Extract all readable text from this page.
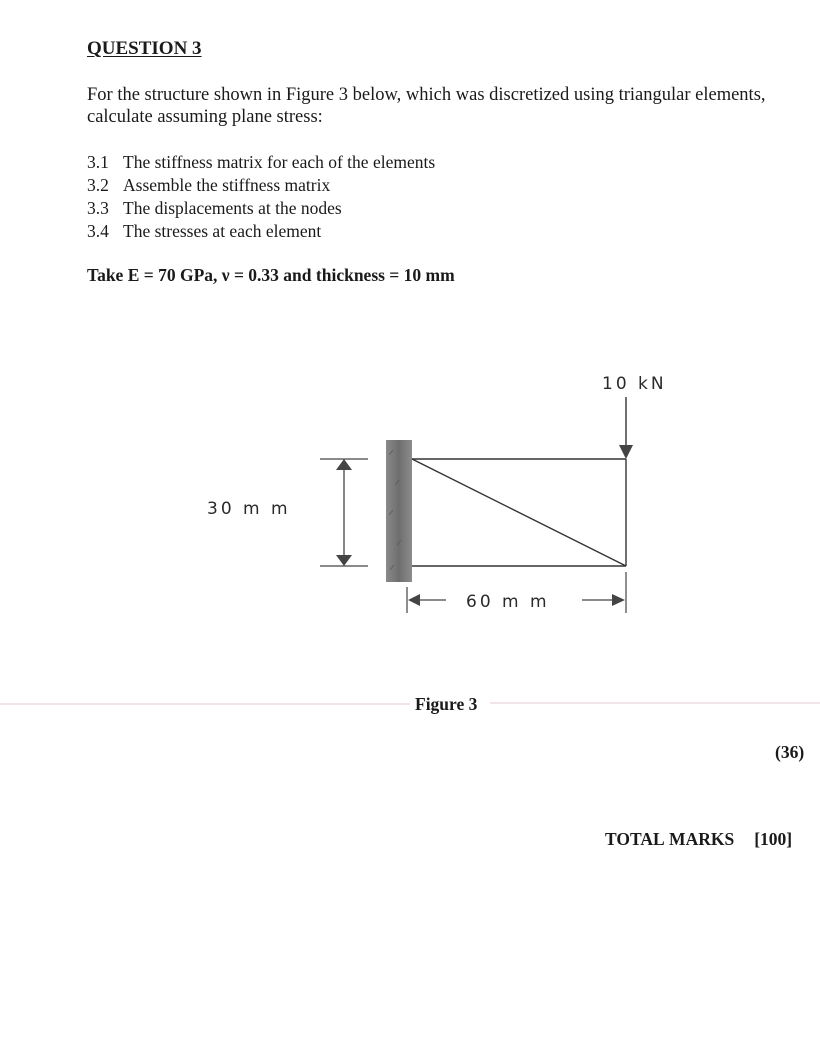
QUESTION 3
For the structure shown in Figure 3 below, which was discretized using triangular elements, calculate assuming plane stress:
3.1 The stiffness matrix for each of the elements
3.2 Assemble the stiffness matrix
3.3 The displacements at the nodes
3.4 The stresses at each element
Take E = 70 GPa, ν = 0.33 and thickness = 10 mm
10 kN
30 m m
60 m m
Figure 3
(36)
TOTAL MARKS [100]
